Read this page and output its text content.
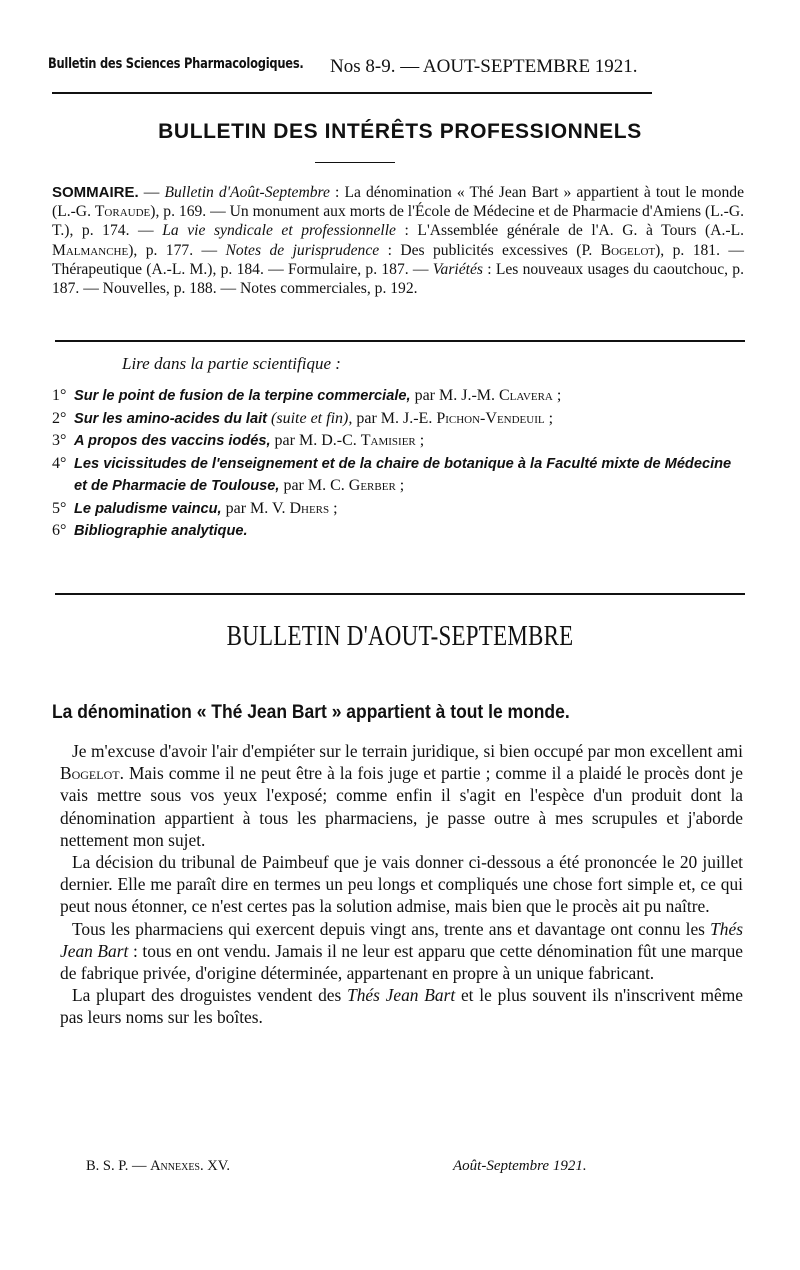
Bulletin des Sciences Pharmacologiques. Nos 8-9. — AOUT-SEPTEMBRE 1921.
BULLETIN DES INTÉRÊTS PROFESSIONNELS
SOMMAIRE. — Bulletin d'Août-Septembre : La dénomination « Thé Jean Bart » appartient à tout le monde (L.-G. Toraude), p. 169. — Un monument aux morts de l'École de Médecine et de Pharmacie d'Amiens (L.-G. T.), p. 174. — La vie syndicale et professionnelle : L'Assemblée générale de l'A. G. à Tours (A.-L. Malmanche), p. 177. — Notes de jurisprudence : Des publicités excessives (P. Bogelot), p. 181. — Thérapeutique (A.-L. M.), p. 184. — Formulaire, p. 187. — Variétés : Les nouveaux usages du caoutchouc, p. 187. — Nouvelles, p. 188. — Notes commerciales, p. 192.
Lire dans la partie scientifique :
1° Sur le point de fusion de la terpine commerciale, par M. J.-M. Clavera ;
2° Sur les amino-acides du lait (suite et fin), par M. J.-E. Pichon-Vendeuil ;
3° A propos des vaccins iodés, par M. D.-C. Tamisier ;
4° Les vicissitudes de l'enseignement et de la chaire de botanique à la Faculté mixte de Médecine et de Pharmacie de Toulouse, par M. C. Gerber ;
5° Le paludisme vaincu, par M. V. Dhers ;
6° Bibliographie analytique.
BULLETIN D'AOUT-SEPTEMBRE
La dénomination « Thé Jean Bart » appartient à tout le monde.

Je m'excuse d'avoir l'air d'empiéter sur le terrain juridique, si bien occupé par mon excellent ami Bogelot. Mais comme il ne peut être à la fois juge et partie ; comme il a plaidé le procès dont je vais mettre sous vos yeux l'exposé; comme enfin il s'agit en l'espèce d'un produit dont la dénomination appartient à tous les pharmaciens, je passe outre à mes scrupules et j'aborde nettement mon sujet.

La décision du tribunal de Paimbeuf que je vais donner ci-dessous a été prononcée le 20 juillet dernier. Elle me paraît dire en termes un peu longs et compliqués une chose fort simple et, ce qui peut nous étonner, ce n'est certes pas la solution admise, mais bien que le procès ait pu naître.

Tous les pharmaciens qui exercent depuis vingt ans, trente ans et davantage ont connu les Thés Jean Bart : tous en ont vendu. Jamais il ne leur est apparu que cette dénomination fût une marque de fabrique privée, d'origine déterminée, appartenant en propre à un unique fabricant.

La plupart des droguistes vendent des Thés Jean Bart et le plus souvent ils n'inscrivent même pas leurs noms sur les boîtes.

B. S. P. — Annexes. XV.	Août-Septembre 1921.
